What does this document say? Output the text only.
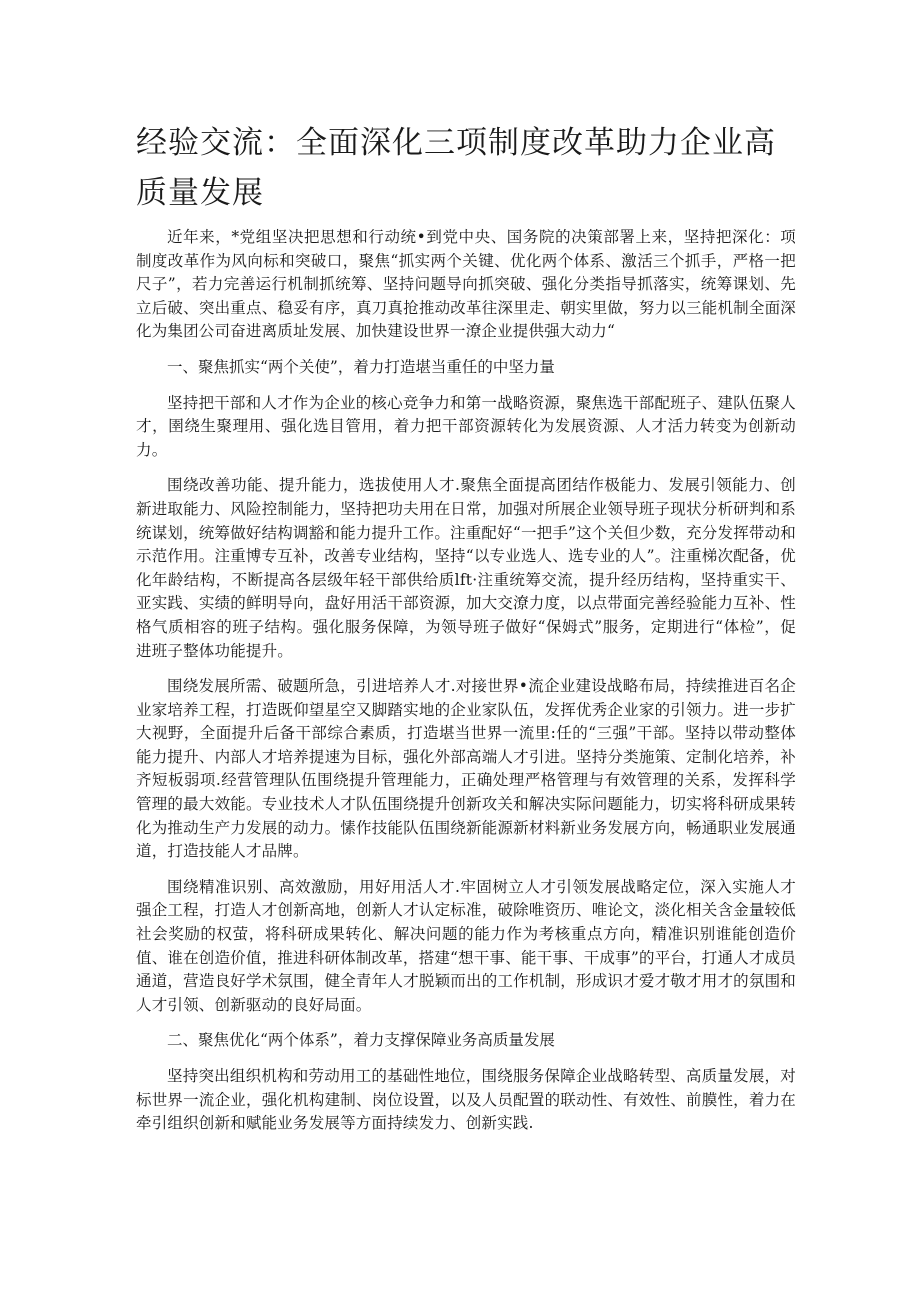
经验交流：全面深化三项制度改革助力企业高质量发展

近年来，*党组坚决把思想和行动统•到党中央、国务院的决策部署上来，坚持把深化：项制度改革作为风向标和突破口，聚焦“抓实两个关键、优化两个体系、激活三个抓手，严格一把尺子”，若力完善运行机制抓统筹、坚持问题导向抓突破、强化分类指导抓落实，统筹课划、先立后破、突出重点、稳妥有序，真刀真抢推动改革往深里走、朝实里做，努力以三能机制全面深化为集团公司奋进离质址发展、加快建设世界一潦企业提供强大动力“

一、聚焦抓实“两个关使”，着力打造堪当重任的中坚力量

坚持把干部和人才作为企业的核心竞争力和第一战略资源，聚焦选干部配班子、建队伍聚人才，圉绕生聚理用、强化选目管用，着力把干部资源转化为发展资源、人才活力转变为创新动力。

围绕改善功能、提升能力，选拔使用人才.聚焦全面提高团结作极能力、发展引领能力、创新进取能力、风险控制能力，坚持把功夫用在日常，加强对所展企业领导班子现状分析研判和系统谋划，统筹做好结构调豁和能力提升工作。注重配好“一把手”这个关但少数，充分发挥带动和示范作用。注重博专互补，改善专业结构，坚持“以专业选人、选专业的人”。注重梯次配备，优化年龄结构，不断提高各层级年轻干部供给质lft·注重统筹交流，提升经历结构，坚持重实干、亚实践、实绩的鲜明导向，盘好用活干部资源，加大交潦力度，以点带面完善经验能力互补、性格气质相容的班子结构。强化服务保障，为领导班子做好“保姆式”服务，定期进行“体检”，促进班子整体功能提升。

围绕发展所需、破题所急，引进培养人才.对接世界•流企业建设战略布局，持续推进百名企业家培养工程，打造既仰望星空又脚踏实地的企业家队伍，发挥优秀企业家的引领力。进一步扩大视野，全面提升后备干部综合素质，打造堪当世界一流里:任的“三强”干部。坚持以带动整体能力提升、内部人才培养提速为目标，强化外部高端人才引进。坚持分类施策、定制化培养，补齐短板弱项.经营管理队伍围绕提升管理能力，正确处理严格管理与有效管理的关系，发挥科学管理的最大效能。专业技术人才队伍围绕提升创新攻关和解决实际问题能力，切实将科研成果转化为推动生产力发展的动力。愫作技能队伍围绕新能源新材料新业务发展方向，畅通职业发展通道，打造技能人才品牌。

围绕精准识别、高效激励，用好用活人才.牢固树立人才引领发展战略定位，深入实施人才强企工程，打造人才创新高地，创新人才认定标准，破除唯资历、唯论文，淡化相关含金量较低社会奖励的权萤，将科研成果转化、解决问题的能力作为考核重点方向，精准识别谁能创造价值、谁在创造价值，推进科研体制改革，搭建“想干事、能干事、干成事”的平台，打通人才成员通道，营造良好学术氛围，健全青年人才脱颖而出的工作机制，形成识才爱才敬才用才的氛围和人才引领、创新驱动的良好局面。

二、聚焦优化“两个体系”，着力支撑保障业务高质量发展

坚持突出组织机构和劳动用工的基础性地位，围绕服务保障企业战略转型、高质量发展，对标世界一流企业，强化机构建制、岗位设置，以及人员配置的联动性、有效性、前膜性，着力在牵引组织创新和赋能业务发展等方面持续发力、创新实践.
